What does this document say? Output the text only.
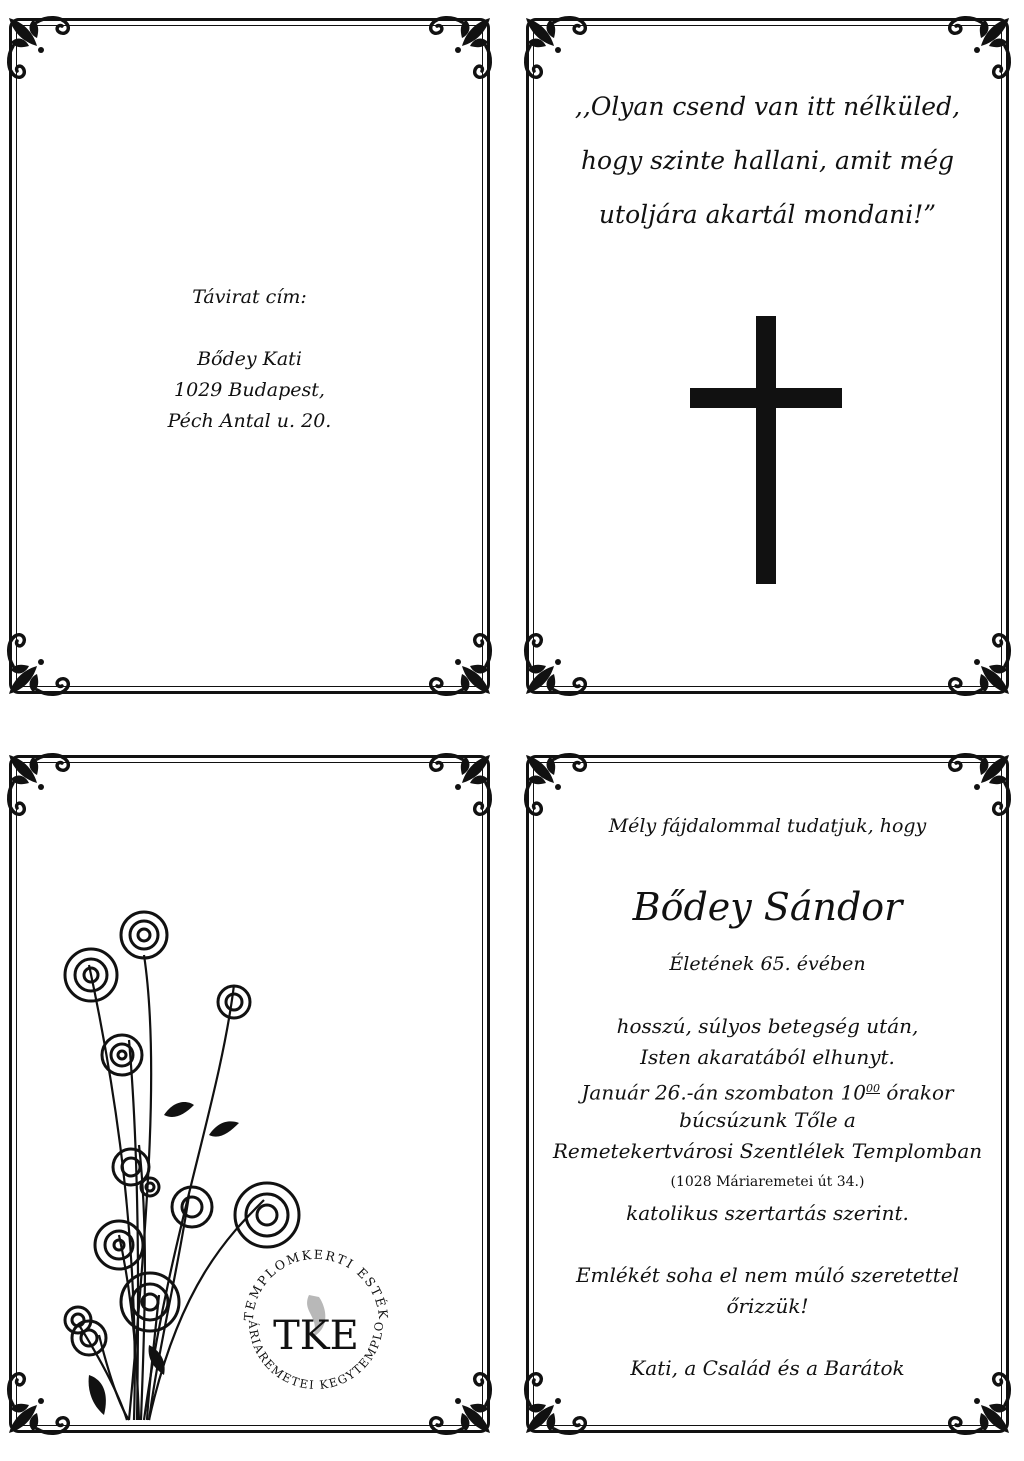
Távirat cím:
Bődey Kati
1029 Budapest,
Péch Antal u. 20.
,,Olyan csend van itt nélküled,
hogy szinte hallani, amit még
utoljára akartál mondani!”
TEMPLOMKERTI ESTÉK
ÁRIAREMETEI KEGYTEMPLO
TKE
Mély fájdalommal tudatjuk, hogy
Bődey Sándor
Életének 65. évében
hosszú, súlyos betegség után,
Isten akaratából elhunyt.
Január 26.-án szombaton $10^{00}$ órakor
búcsúzunk Tőle a
Remetekertvárosi Szentlélek Templomban
(1028 Máriaremetei út 34.)
katolikus szertartás szerint.
Emlékét soha el nem múló szeretettel
őrizzük!
Kati, a Család és a Barátok
